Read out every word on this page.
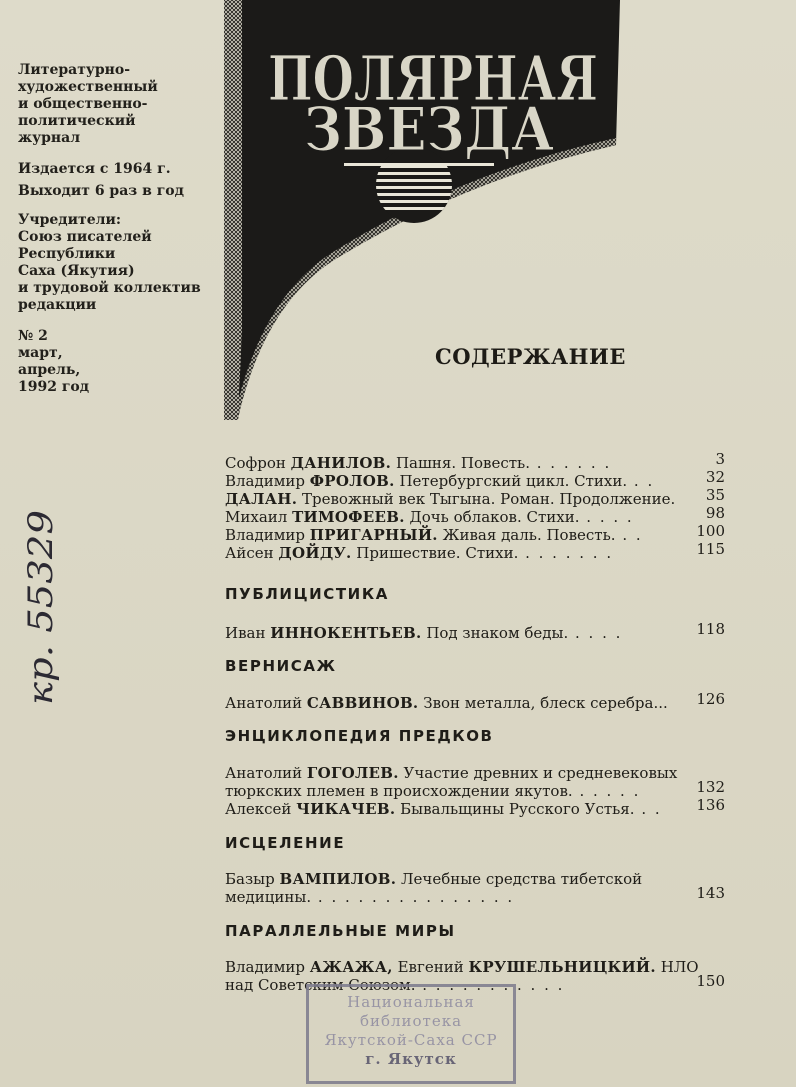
Литературно-
художественный
и общественно-
политический
журнал
Издается с 1964 г.
Выходит 6 раз в год
Учредители:
Союз писателей
Республики
Саха (Якутия)
и трудовой коллектив
редакции
№ 2
март,
апрель,
1992 год
ПОЛЯРНАЯ
ЗВЕЗДА
СОДЕРЖАНИЕ
Софрон ДАНИЛОВ. Пашня. Повесть. . . . . . .	3
Владимир ФРОЛОВ. Петербургский цикл. Стихи. . .	32
ДАЛАН. Тревожный век Тыгына. Роман. Продолжение. 35
Михаил ТИМОФЕЕВ. Дочь облаков. Стихи. . . . .	98
Владимир ПРИГАРНЫЙ. Живая даль. Повесть. . .	100
Айсен ДОЙДУ. Пришествие. Стихи. . . . . . . .	115
ПУБЛИЦИСТИКА
Иван ИННОКЕНТЬЕВ. Под знаком беды. . . . .	118
ВЕРНИСАЖ
Анатолий САВВИНОВ. Звон металла, блеск серебра... 126
ЭНЦИКЛОПЕДИЯ ПРЕДКОВ
Анатолий ГОГОЛЕВ. Участие древних и средневековых
тюркских племен в происхождении якутов. . . . . .	132
Алексей ЧИКАЧЕВ. Бывальщины Русского Устья. . . 136
ИСЦЕЛЕНИЕ
Базыр ВАМПИЛОВ. Лечебные средства тибетской
медицины. . . . . . . . . . . . . . . .	143
ПАРАЛЛЕЛЬНЫЕ МИРЫ
Владимир АЖАЖА, Евгений КРУШЕЛЬНИЦКИЙ. НЛО
над Советским Союзом. . . . . . . . . . . .	150
кр. 55329
Национальная
библиотека
Якутской-Саха ССР
г. Якутск
